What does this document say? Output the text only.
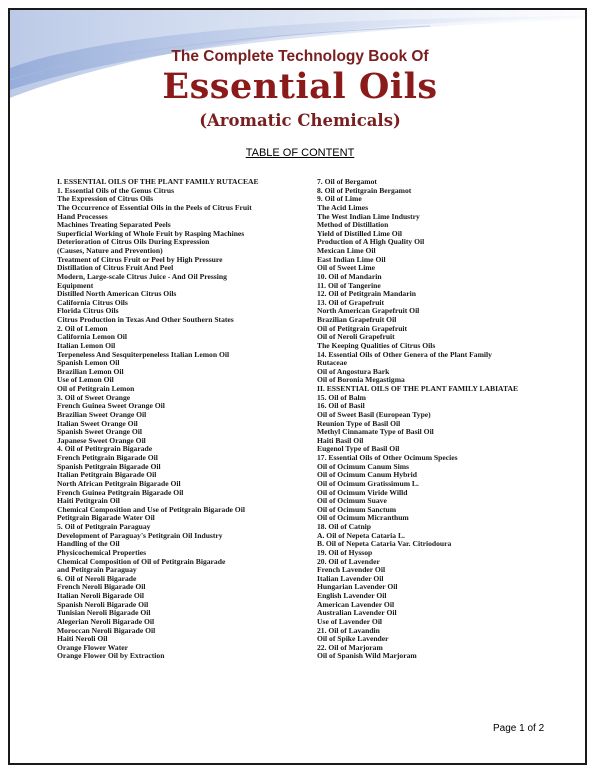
The Complete Technology Book Of
Essential Oils
(Aromatic Chemicals)
TABLE OF CONTENT
I. ESSENTIAL OILS OF THE PLANT FAMILY RUTACEAE
1. Essential Oils of the Genus Citrus
The Expression of Citrus Oils
The Occurrence of Essential Oils in the Peels of Citrus Fruit
Hand Processes
Machines Treating Separated Peels
Superficial Working of Whole Fruit by Rasping Machines
Deterioration of Citrus Oils During Expression
(Causes, Nature and Prevention)
Treatment of Citrus Fruit or Peel by High Pressure
Distillation of Citrus Fruit And Peel
Modern, Large-scale Citrus Juice - And Oil Pressing
Equipment
Distilled North American Citrus Oils
California Citrus Oils
Florida Citrus Oils
Citrus Production in Texas And Other Southern States
2. Oil of Lemon
California Lemon Oil
Italian Lemon Oil
Terpeneless And Sesquiterpeneless Italian Lemon Oil
Spanish Lemon Oil
Brazilian Lemon Oil
Use of Lemon Oil
Oil of Petitgrain Lemon
3. Oil of Sweet Orange
French Guinea Sweet Orange Oil
Brazilian Sweet Orange Oil
Italian Sweet Orange Oil
Spanish Sweet Orange Oil
Japanese Sweet Orange Oil
4. Oil of Petitrgrain Bigarade
French Petitgrain Bigarade Oil
Spanish Petitgrain Bigarade Oil
Italian Petitgrain Bigarade Oil
North African Petitgrain Bigarade Oil
French Guinea Petitgrain Bigarade Oil
Haiti Petitgrain Oil
Chemical Composition and Use of Petitgrain Bigarade Oil
Petitgrain Bigarade Water Oil
5. Oil of Petitgrain Paraguay
Development of Paraguay's Petitgrain Oil Industry
Handling of the Oil
Physicochemical Properties
Chemical Composition of Oil of Petitgrain Bigarade
and Petitgrain Paraguay
6. Oil of Neroli Bigarade
French Neroli Bigarade Oil
Italian Neroli Bigarade Oil
Spanish Neroli Bigarade Oil
Tunisian Neroli Bigarade Oil
Alegerian Neroli Bigarade Oil
Moroccan Neroli Bigarade Oil
Haiti Neroli Oil
Orange Flower Water
Orange Flower Oil by Extraction
7. Oil of Bergamot
8. Oil of Petitgrain Bergamot
9. Oil of Lime
The Acid Limes
The West Indian Lime Industry
Method of Distillation
Yield of Distilled Lime Oil
Production of A High Quality Oil
Mexican Lime Oil
East Indian Lime Oil
Oil of Sweet Lime
10. Oil of Mandarin
11. Oil of Tangerine
12. Oil of Petitgrain Mandarin
13. Oil of Grapefruit
North American Grapefruit Oil
Brazilian Grapefruit Oil
Oil of Petitgrain Grapefruit
Oil of Neroli Grapefruit
The Keeping Qualities of Citrus Oils
14. Essential Oils of Other Genera of the Plant Family
Rutaceae
Oil of Angostura Bark
Oil of Boronia Megastigma
II. ESSENTIAL OILS OF THE PLANT FAMILY LABIATAE
15. Oil of Balm
16. Oil of Basil
Oil of Sweet Basil (European Type)
Reunion Type of Basil Oil
Methyl Cinnamate Type of Basil Oil
Haiti Basil Oil
Eugenol Type of Basil Oil
17. Essential Oils of Other Ocimum Species
Oil of Ocimum Canum Sims
Oil of Ocimum Canum Hybrid
Oil of Ocimum Gratissimum L.
Oil of Ocimum Viride Willd
Oil of Ocimum Suave
Oil of Ocimum Sanctum
Oil of Ocimum Micranthum
18. Oil of Catnip
A. Oil of Nepeta Cataria L.
B. Oil of Nepeta Cataria Var. Citriodoura
19. Oil of Hyssop
20. Oil of Lavender
French Lavender Oil
Italian Lavender Oil
Hungarian Lavender Oil
English Lavender Oil
American Lavender Oil
Australian Lavender Oil
Use of Lavender Oil
21. Oil of Lavandin
Oil of Spike Lavender
22. Oil of Marjoram
Oil of Spanish Wild Marjoram
Page 1 of 2
